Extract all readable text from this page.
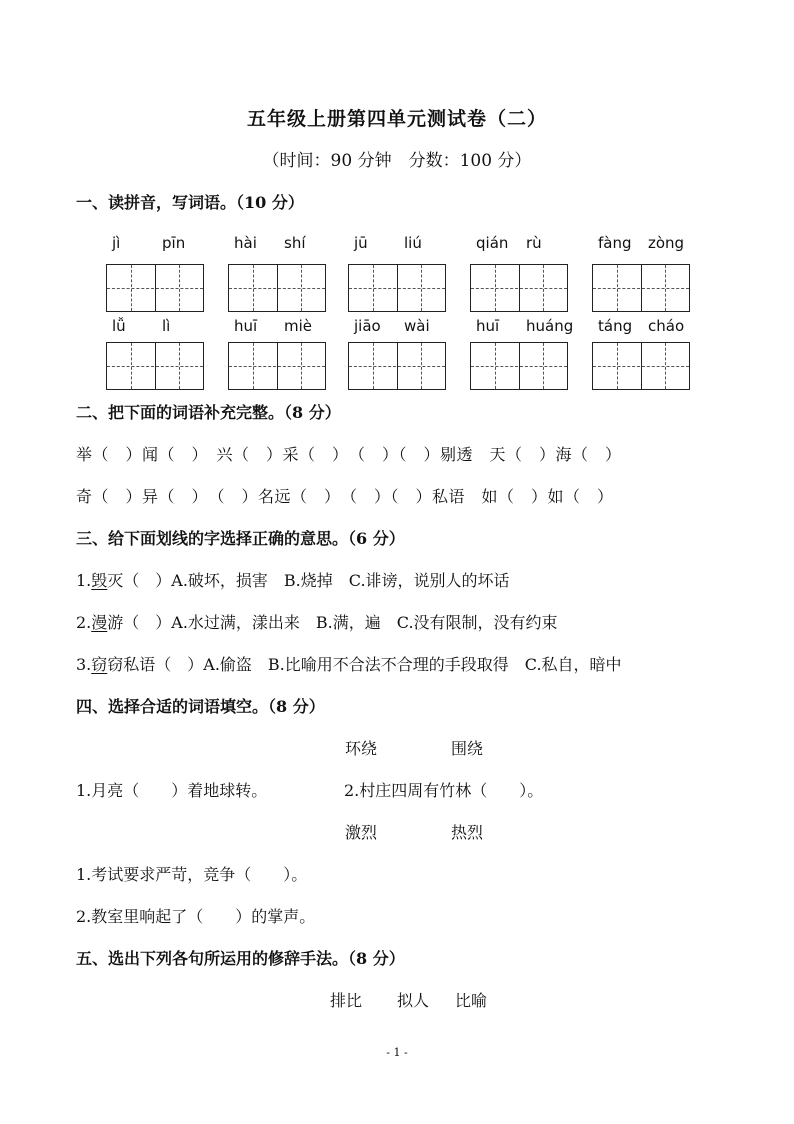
五年级上册第四单元测试卷（二）
（时间：90 分钟　分数：100 分）
一、读拼音，写词语。（10 分）
jì	pīn	hài shí	jū liú	qián rù	fàng zòng
lǚ lì	huī miè	jiāo wài	huī huáng táng cháo
二、把下面的词语补充完整。（8 分）
举（　）闻（　）　兴（　）采（　）　（　）（　）剔透　天（　）海（　）
奇（　）异（　）　（　）名远（　）　（　）（　）私语　如（　）如（　）
三、给下面划线的字选择正确的意思。（6 分）
1.毁灭（　）A.破坏，损害　B.烧掉　C.诽谤，说别人的坏话
2.漫游（　）A.水过满，漾出来　B.满，遍　C.没有限制，没有约束
3.窃窃私语（　）A.偷盗　B.比喻用不合法不合理的手段取得　C.私自，暗中
四、选择合适的词语填空。（8 分）
环绕	围绕
1.月亮（　　）着地球转。	2.村庄四周有竹林（　　）。
激烈	热烈
1.考试要求严苛，竞争（　　）。
2.教室里响起了（　　）的掌声。
五、选出下列各句所运用的修辞手法。（8 分）
排比 拟人 比喻
- 1 -
